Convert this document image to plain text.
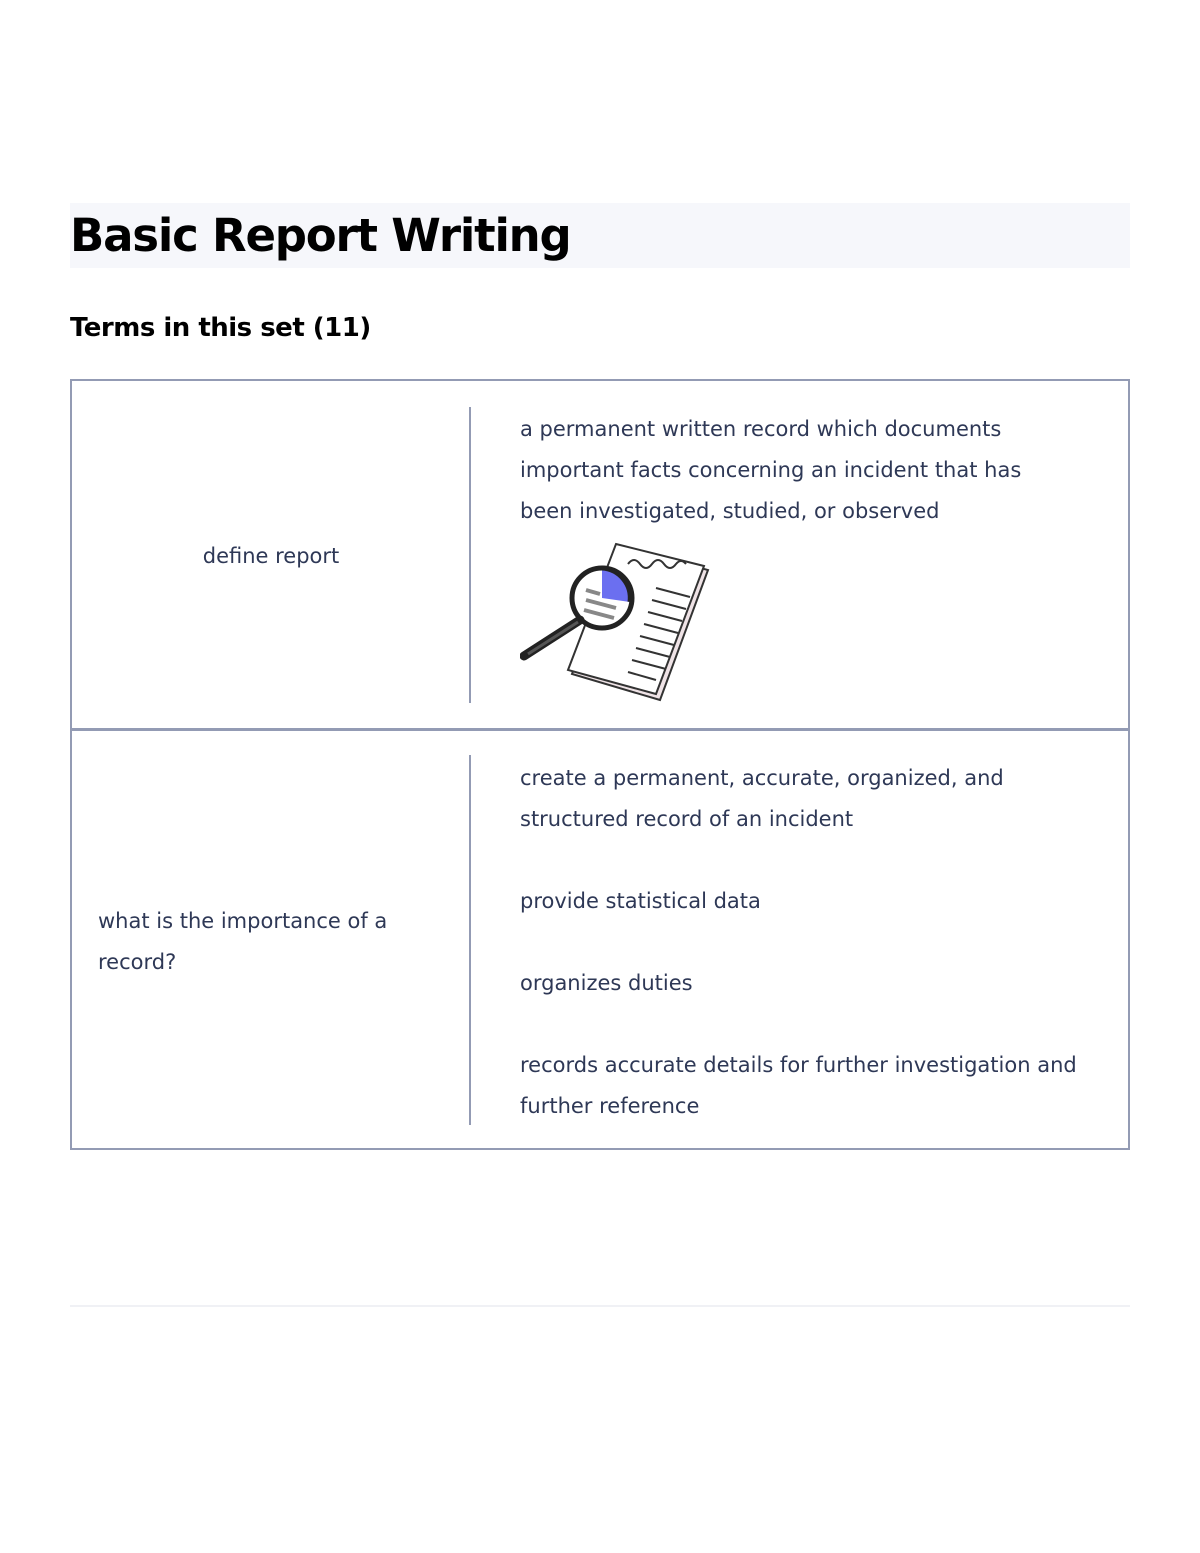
Basic Report Writing
Terms in this set (11)
define report

a permanent written record which documents important facts concerning an incident that has been investigated, studied, or observed

what is the importance of a record?

create a permanent, accurate, organized, and structured record of an incident

provide statistical data

organizes duties

records accurate details for further investigation and further reference
